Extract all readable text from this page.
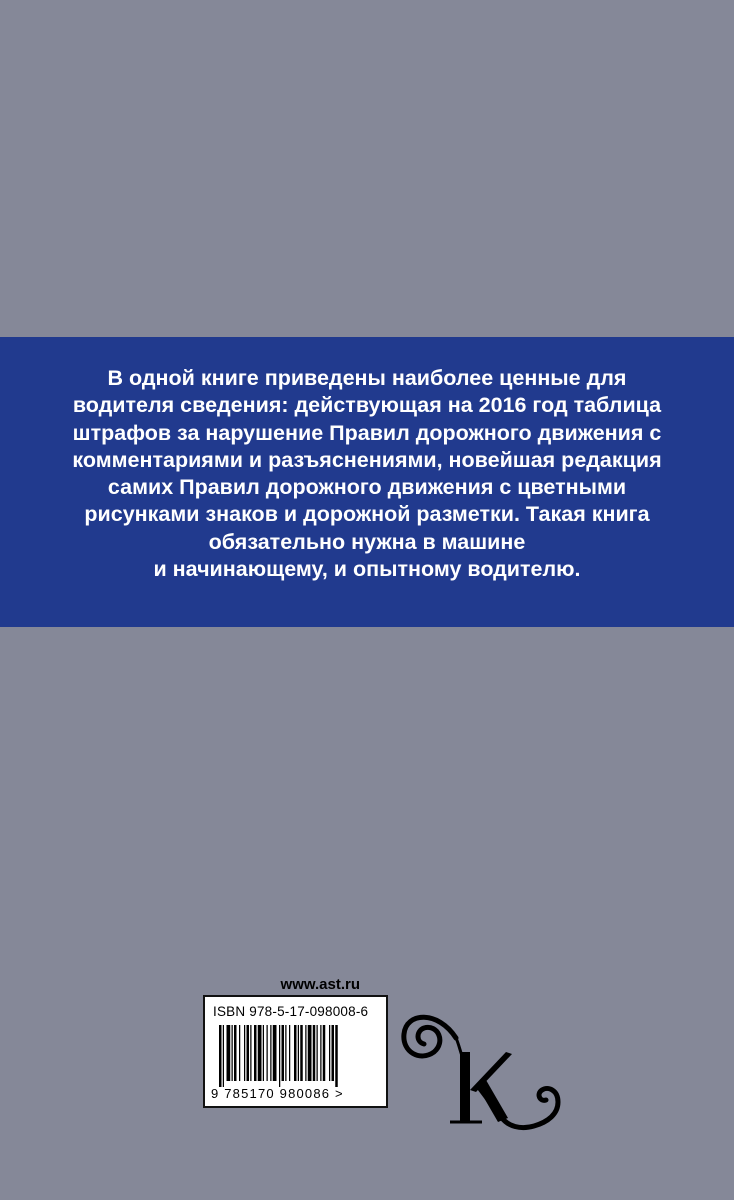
В одной книге приведены наиболее ценные для
водителя сведения: действующая на 2016 год таблица
штрафов за нарушение Правил дорожного движения с
комментариями и разъяснениями, новейшая редакция
самих Правил дорожного движения с цветными
рисунками знаков и дорожной разметки. Такая книга
обязательно нужна в машине
и начинающему, и опытному водителю.

www.ast.ru
ISBN 978-5-17-098008-6
9 785170 980086 >
